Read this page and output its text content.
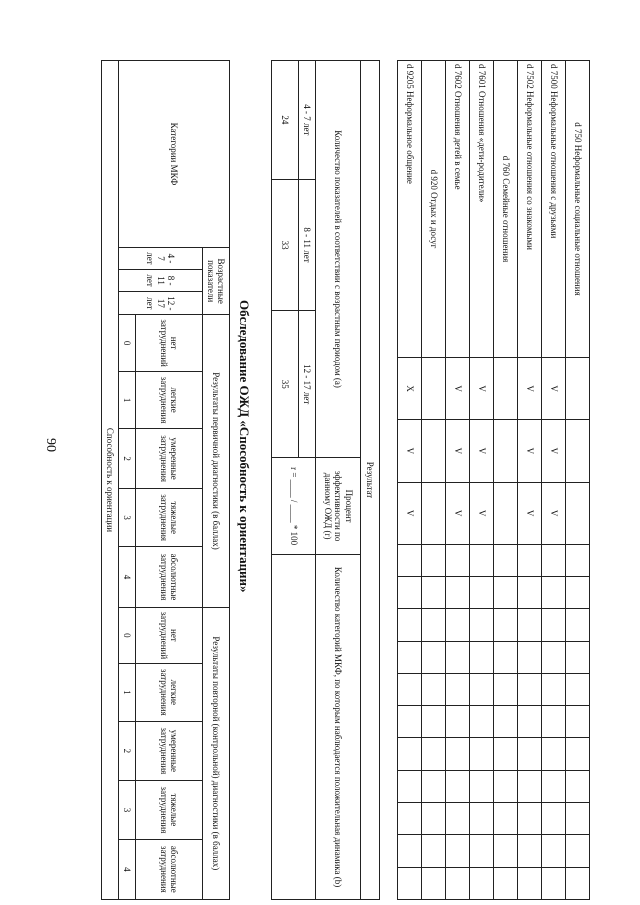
90
d 750 Неформальные социальные отношения														
d 7500 Неформальные отношения с друзьями	V	V	V											
d 7502 Неформальные отношения со знакомыми	V	V	V											
d 760 Семейные отношения														
d 7601 Отношения «дети-родители»	V	V	V											
d 7602 Отношения детей в семье	V	V	V											
d 920 Отдых и досуг														
d 9205 Неформальное общение	X	V	V											
Результат				
Количество показателей в соответствии с возрастным периодом (a)			Процент эффективности по данному ОЖД (r)	Количество категорий МКФ, по которым наблюдается положительная динамика (b)
4 - 7 лет	8 - 11 лет	12 - 17 лет	r = ____ / ____ * 100	
24	33	35		
Обследование ОЖД «Способность к ориентации»
Категории МКФ	Возрастные показатели			Результаты первичной диагностики (в баллах)					Результаты повторной (контрольной) диагностики (в баллах)				
	4 - 7 лет	8 - 11 лет	12 - 17 лет	нет затруднений	легкие затруднения	умеренные затруднения	тяжелые затруднения	абсолютные затруднения	нет затруднений	легкие затруднения	умеренные затруднения	тяжелые затруднения	абсолютные затруднения
				0	1	2	3	4	0	1	2	3	4
Способность к ориентации													
